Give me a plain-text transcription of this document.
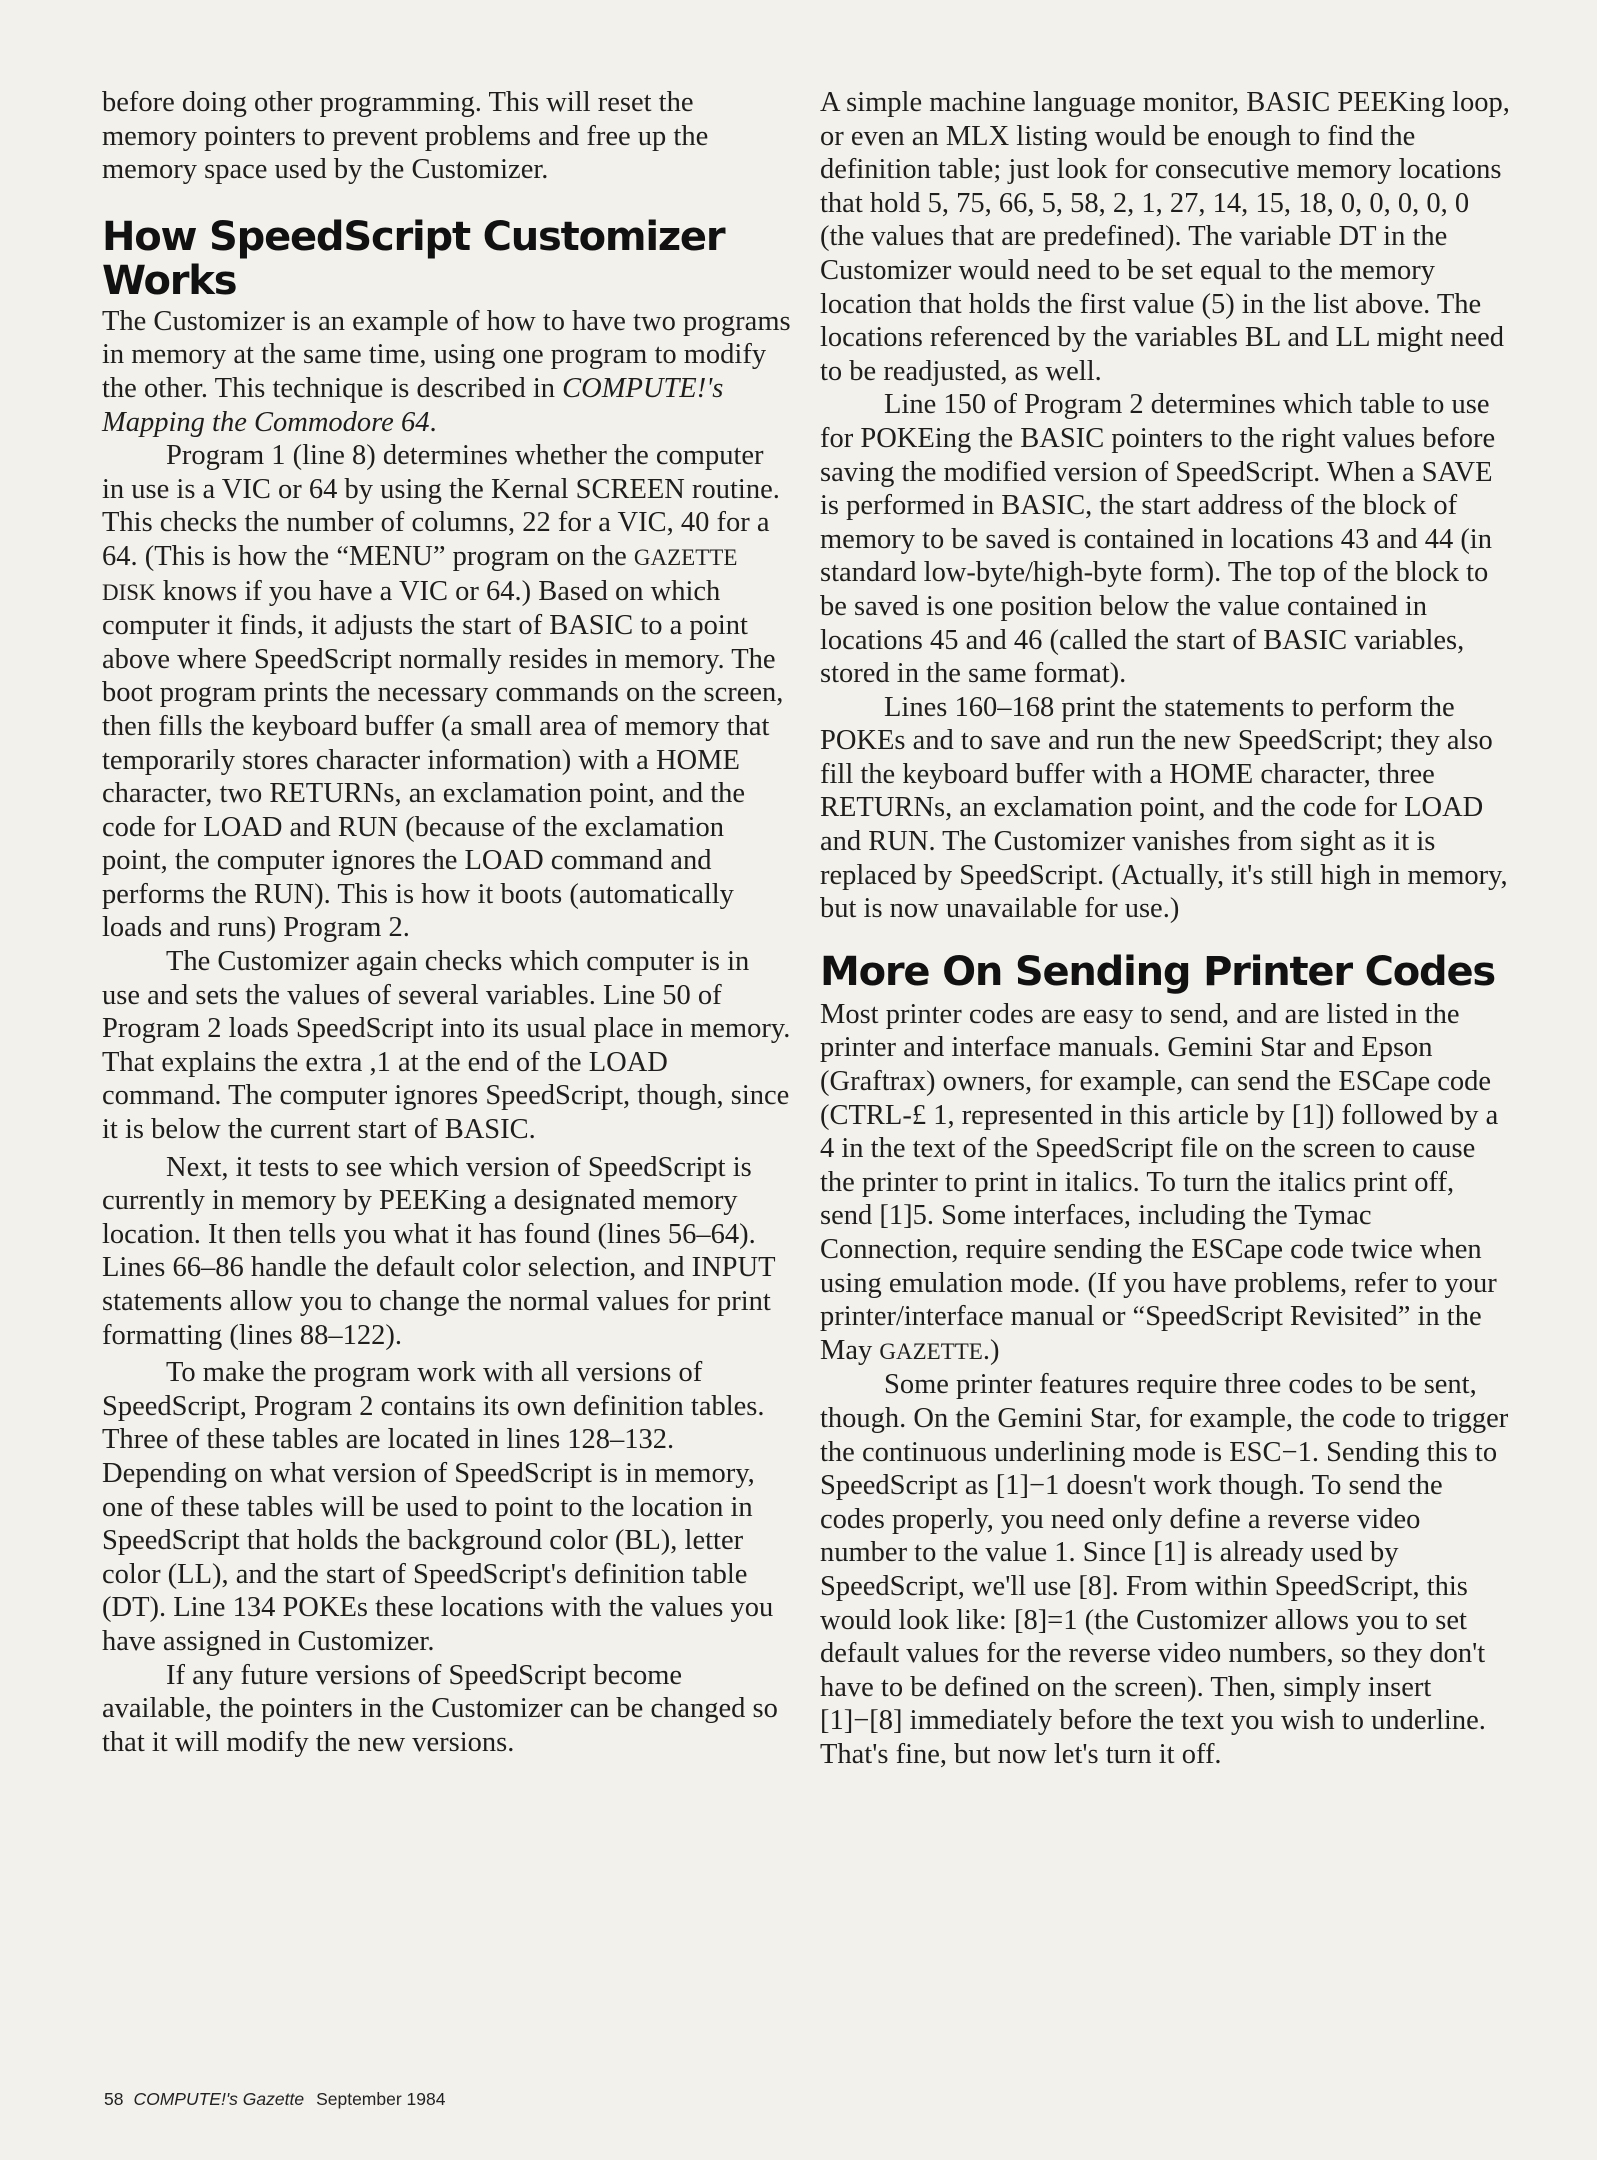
before doing other programming. This will reset the memory pointers to prevent problems and free up the memory space used by the Customizer.

How SpeedScript Customizer Works

The Customizer is an example of how to have two programs in memory at the same time, using one program to modify the other. This technique is described in COMPUTE!'s Mapping the Commodore 64.

Program 1 (line 8) determines whether the computer in use is a VIC or 64 by using the Kernal SCREEN routine. This checks the number of columns, 22 for a VIC, 40 for a 64. (This is how the “MENU” program on the GAZETTE DISK knows if you have a VIC or 64.) Based on which computer it finds, it adjusts the start of BASIC to a point above where SpeedScript normally resides in memory. The boot program prints the necessary commands on the screen, then fills the keyboard buffer (a small area of memory that temporarily stores character information) with a HOME character, two RETURNs, an exclamation point, and the code for LOAD and RUN (because of the exclamation point, the computer ignores the LOAD command and performs the RUN). This is how it boots (automatically loads and runs) Program 2.

The Customizer again checks which computer is in use and sets the values of several variables. Line 50 of Program 2 loads SpeedScript into its usual place in memory. That explains the extra ,1 at the end of the LOAD command. The computer ignores SpeedScript, though, since it is below the current start of BASIC.

Next, it tests to see which version of SpeedScript is currently in memory by PEEKing a designated memory location. It then tells you what it has found (lines 56–64). Lines 66–86 handle the default color selection, and INPUT statements allow you to change the normal values for print formatting (lines 88–122).

To make the program work with all versions of SpeedScript, Program 2 contains its own definition tables. Three of these tables are located in lines 128–132. Depending on what version of SpeedScript is in memory, one of these tables will be used to point to the location in SpeedScript that holds the background color (BL), letter color (LL), and the start of SpeedScript's definition table (DT). Line 134 POKEs these locations with the values you have assigned in Customizer.

If any future versions of SpeedScript become available, the pointers in the Customizer can be changed so that it will modify the new versions.

A simple machine language monitor, BASIC PEEKing loop, or even an MLX listing would be enough to find the definition table; just look for consecutive memory locations that hold 5, 75, 66, 5, 58, 2, 1, 27, 14, 15, 18, 0, 0, 0, 0, 0 (the values that are predefined). The variable DT in the Customizer would need to be set equal to the memory location that holds the first value (5) in the list above. The locations referenced by the variables BL and LL might need to be readjusted, as well.

Line 150 of Program 2 determines which table to use for POKEing the BASIC pointers to the right values before saving the modified version of SpeedScript. When a SAVE is performed in BASIC, the start address of the block of memory to be saved is contained in locations 43 and 44 (in standard low-byte/high-byte form). The top of the block to be saved is one position below the value contained in locations 45 and 46 (called the start of BASIC variables, stored in the same format).

Lines 160–168 print the statements to perform the POKEs and to save and run the new SpeedScript; they also fill the keyboard buffer with a HOME character, three RETURNs, an exclamation point, and the code for LOAD and RUN. The Customizer vanishes from sight as it is replaced by SpeedScript. (Actually, it's still high in memory, but is now unavailable for use.)

More On Sending Printer Codes

Most printer codes are easy to send, and are listed in the printer and interface manuals. Gemini Star and Epson (Graftrax) owners, for example, can send the ESCape code (CTRL-£ 1, represented in this article by [1]) followed by a 4 in the text of the SpeedScript file on the screen to cause the printer to print in italics. To turn the italics print off, send [1]5. Some interfaces, including the Tymac Connection, require sending the ESCape code twice when using emulation mode. (If you have problems, refer to your printer/interface manual or “SpeedScript Revisited” in the May GAZETTE.)

Some printer features require three codes to be sent, though. On the Gemini Star, for example, the code to trigger the continuous underlining mode is ESC−1. Sending this to SpeedScript as [1]−1 doesn't work though. To send the codes properly, you need only define a reverse video number to the value 1. Since [1] is already used by SpeedScript, we'll use [8]. From within SpeedScript, this would look like: [8]=1 (the Customizer allows you to set default values for the reverse video numbers, so they don't have to be defined on the screen). Then, simply insert [1]−[8] immediately before the text you wish to underline. That's fine, but now let's turn it off.

58 COMPUTE!'s Gazette September 1984
